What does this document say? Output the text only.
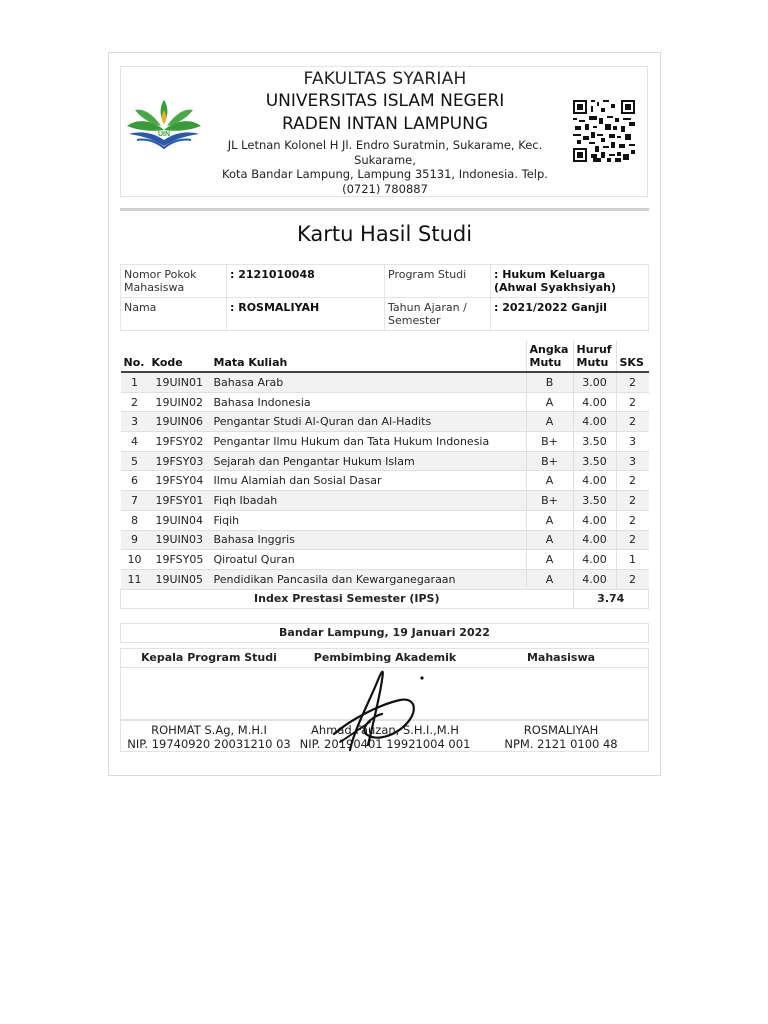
UIN
FAKULTAS SYARIAH
UNIVERSITAS ISLAM NEGERI
RADEN INTAN LAMPUNG
JL Letnan Kolonel H Jl. Endro Suratmin, Sukarame, Kec.
Sukarame,
Kota Bandar Lampung, Lampung 35131, Indonesia. Telp.
(0721) 780887
Kartu Hasil Studi
Nomor Pokok Mahasiswa	: 2121010048	Program Studi	: Hukum Keluarga (Ahwal Syakhsiyah)
Nama	: ROSMALIYAH	Tahun Ajaran / Semester	: 2021/2022 Ganjil
No.	Kode	Mata Kuliah	Angka Mutu	Huruf Mutu	SKS
1	19UIN01	Bahasa Arab	B	3.00	2
2	19UIN02	Bahasa Indonesia	A	4.00	2
3	19UIN06	Pengantar Studi Al-Quran dan Al-Hadits	A	4.00	2
4	19FSY02	Pengantar Ilmu Hukum dan Tata Hukum Indonesia	B+	3.50	3
5	19FSY03	Sejarah dan Pengantar Hukum Islam	B+	3.50	3
6	19FSY04	Ilmu Alamiah dan Sosial Dasar	A	4.00	2
7	19FSY01	Fiqh Ibadah	B+	3.50	2
8	19UIN04	Fiqih	A	4.00	2
9	19UIN03	Bahasa Inggris	A	4.00	2
10	19FSY05	Qiroatul Quran	A	4.00	1
11	19UIN05	Pendidikan Pancasila dan Kewarganegaraan	A	4.00	2
Index Prestasi Semester (IPS)				3.74	
Bandar Lampung, 19 Januari 2022
Kepala Program Studi	Pembimbing Akademik	Mahasiswa
ROHMAT S.Ag, M.H.I
NIP. 19740920 20031210 03
Ahmad Fauzan, S.H.I.,M.H
NIP. 20190401 19921004 001
ROSMALIYAH
NPM. 2121 0100 48
